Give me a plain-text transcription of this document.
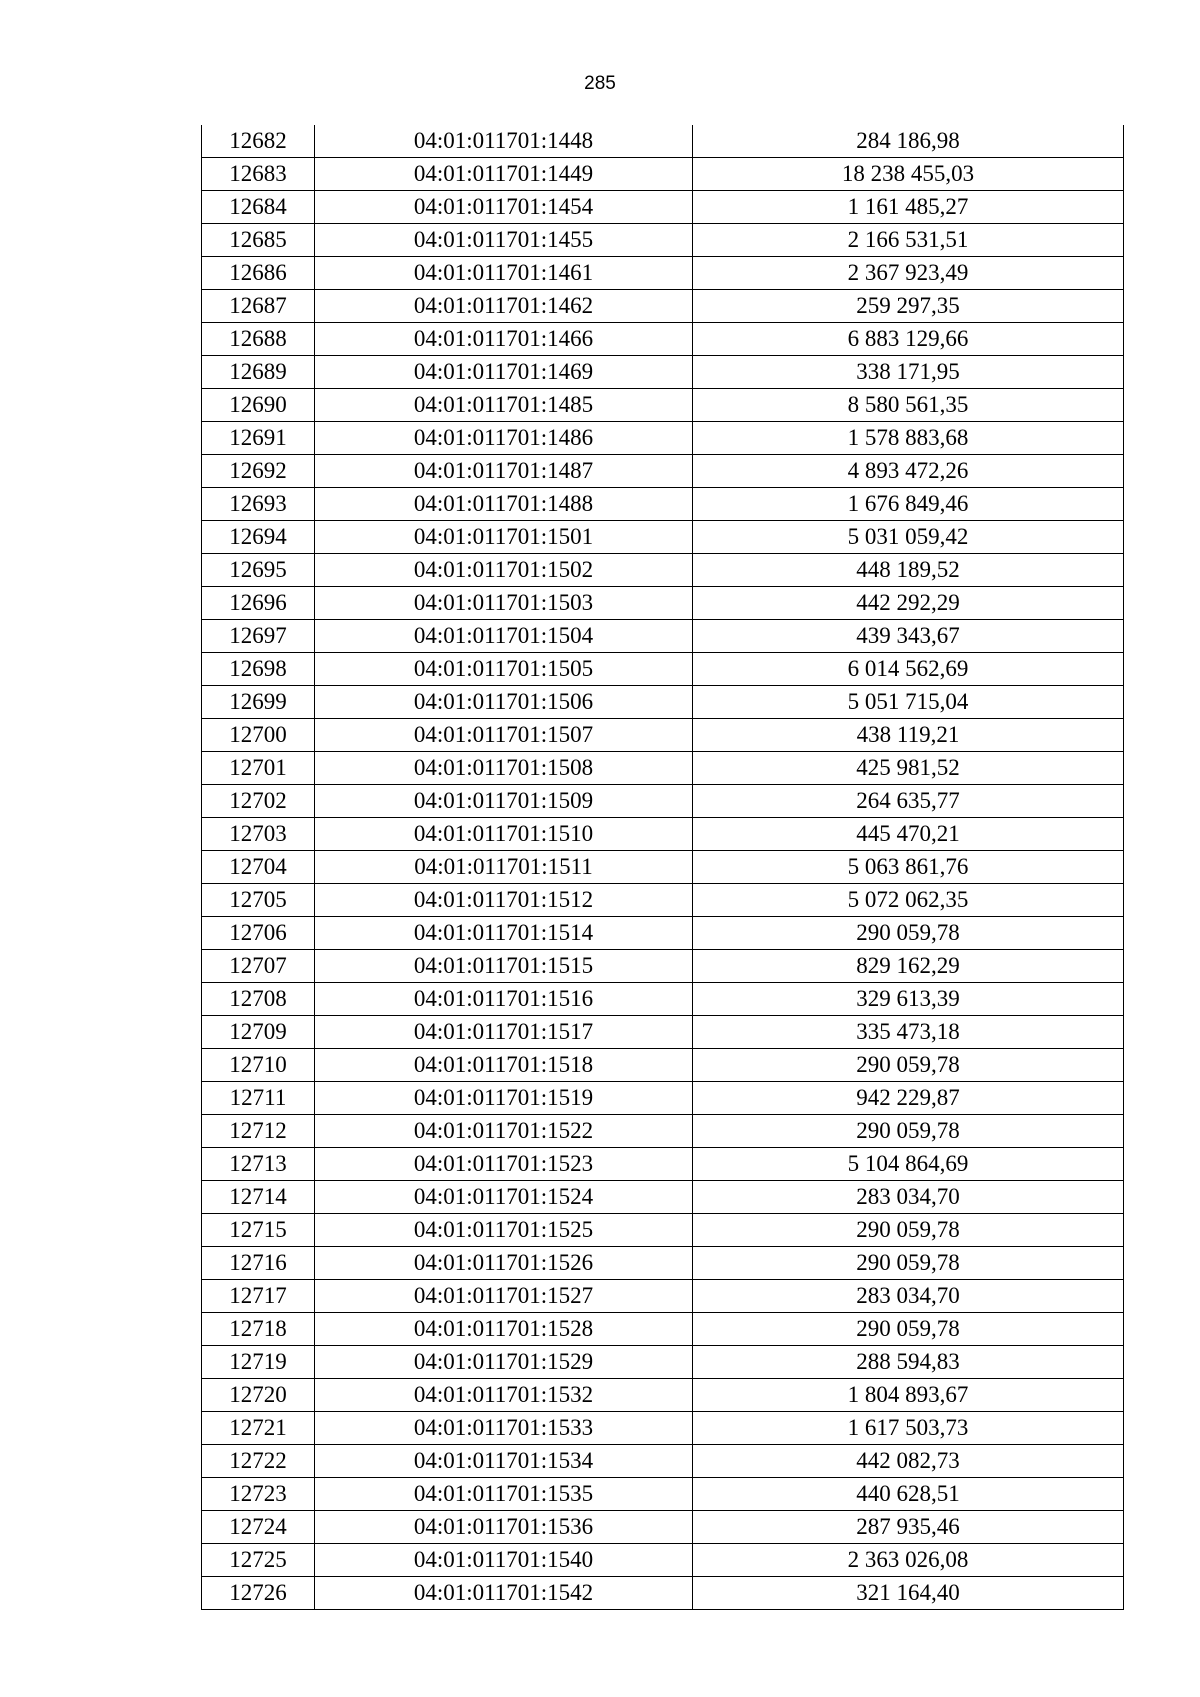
285
12682	04:01:011701:1448	284 186,98
12683	04:01:011701:1449	18 238 455,03
12684	04:01:011701:1454	1 161 485,27
12685	04:01:011701:1455	2 166 531,51
12686	04:01:011701:1461	2 367 923,49
12687	04:01:011701:1462	259 297,35
12688	04:01:011701:1466	6 883 129,66
12689	04:01:011701:1469	338 171,95
12690	04:01:011701:1485	8 580 561,35
12691	04:01:011701:1486	1 578 883,68
12692	04:01:011701:1487	4 893 472,26
12693	04:01:011701:1488	1 676 849,46
12694	04:01:011701:1501	5 031 059,42
12695	04:01:011701:1502	448 189,52
12696	04:01:011701:1503	442 292,29
12697	04:01:011701:1504	439 343,67
12698	04:01:011701:1505	6 014 562,69
12699	04:01:011701:1506	5 051 715,04
12700	04:01:011701:1507	438 119,21
12701	04:01:011701:1508	425 981,52
12702	04:01:011701:1509	264 635,77
12703	04:01:011701:1510	445 470,21
12704	04:01:011701:1511	5 063 861,76
12705	04:01:011701:1512	5 072 062,35
12706	04:01:011701:1514	290 059,78
12707	04:01:011701:1515	829 162,29
12708	04:01:011701:1516	329 613,39
12709	04:01:011701:1517	335 473,18
12710	04:01:011701:1518	290 059,78
12711	04:01:011701:1519	942 229,87
12712	04:01:011701:1522	290 059,78
12713	04:01:011701:1523	5 104 864,69
12714	04:01:011701:1524	283 034,70
12715	04:01:011701:1525	290 059,78
12716	04:01:011701:1526	290 059,78
12717	04:01:011701:1527	283 034,70
12718	04:01:011701:1528	290 059,78
12719	04:01:011701:1529	288 594,83
12720	04:01:011701:1532	1 804 893,67
12721	04:01:011701:1533	1 617 503,73
12722	04:01:011701:1534	442 082,73
12723	04:01:011701:1535	440 628,51
12724	04:01:011701:1536	287 935,46
12725	04:01:011701:1540	2 363 026,08
12726	04:01:011701:1542	321 164,40
